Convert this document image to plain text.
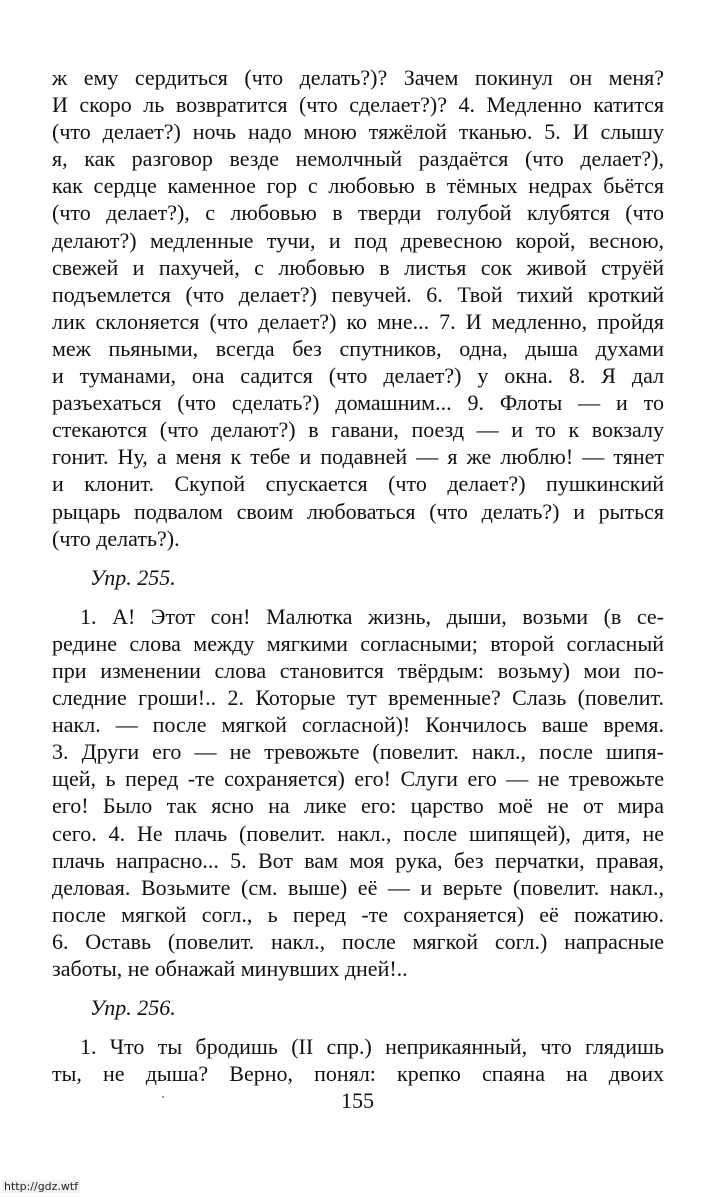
ж ему сердиться (что делать?)? Зачем покинул он меня?
И скоро ль возвратится (что сделает?)? 4. Медленно катится
(что делает?) ночь надо мною тяжёлой тканью. 5. И слышу
я, как разговор везде немолчный раздаётся (что делает?),
как сердце каменное гор с любовью в тёмных недрах бьётся
(что делает?), с любовью в тверди голубой клубятся (что
делают?) медленные тучи, и под древесною корой, весною,
свежей и пахучей, с любовью в листья сок живой струёй
подъемлется (что делает?) певучей. 6. Твой тихий кроткий
лик склоняется (что делает?) ко мне... 7. И медленно, пройдя
меж пьяными, всегда без спутников, одна, дыша духами
и туманами, она садится (что делает?) у окна. 8. Я дал
разъехаться (что сделать?) домашним... 9. Флоты — и то
стекаются (что делают?) в гавани, поезд — и то к вокзалу
гонит. Ну, а меня к тебе и подавней — я же люблю! — тянет
и клонит. Скупой спускается (что делает?) пушкинский
рыцарь подвалом своим любоваться (что делать?) и рыться
(что делать?).
Упр. 255.
1. А! Этот сон! Малютка жизнь, дыши, возьми (в се-
редине слова между мягкими согласными; второй согласный
при изменении слова становится твёрдым: возьму) мои по-
следние гроши!.. 2. Которые тут временные? Слазь (повелит.
накл. — после мягкой согласной)! Кончилось ваше время.
3. Други его — не тревожьте (повелит. накл., после шипя-
щей, ь перед -те сохраняется) его! Слуги его — не тревожьте
его! Было так ясно на лике его: царство моё не от мира
сего. 4. Не плачь (повелит. накл., после шипящей), дитя, не
плачь напрасно... 5. Вот вам моя рука, без перчатки, правая,
деловая. Возьмите (см. выше) её — и верьте (повелит. накл.,
после мягкой согл., ь перед -те сохраняется) её пожатию.
6. Оставь (повелит. накл., после мягкой согл.) напрасные
заботы, не обнажай минувших дней!..
Упр. 256.
1. Что ты бродишь (II спр.) неприкаянный, что глядишь
ты, не дыша? Верно, понял: крепко спаяна на двоих
155
http://gdz.wtf
